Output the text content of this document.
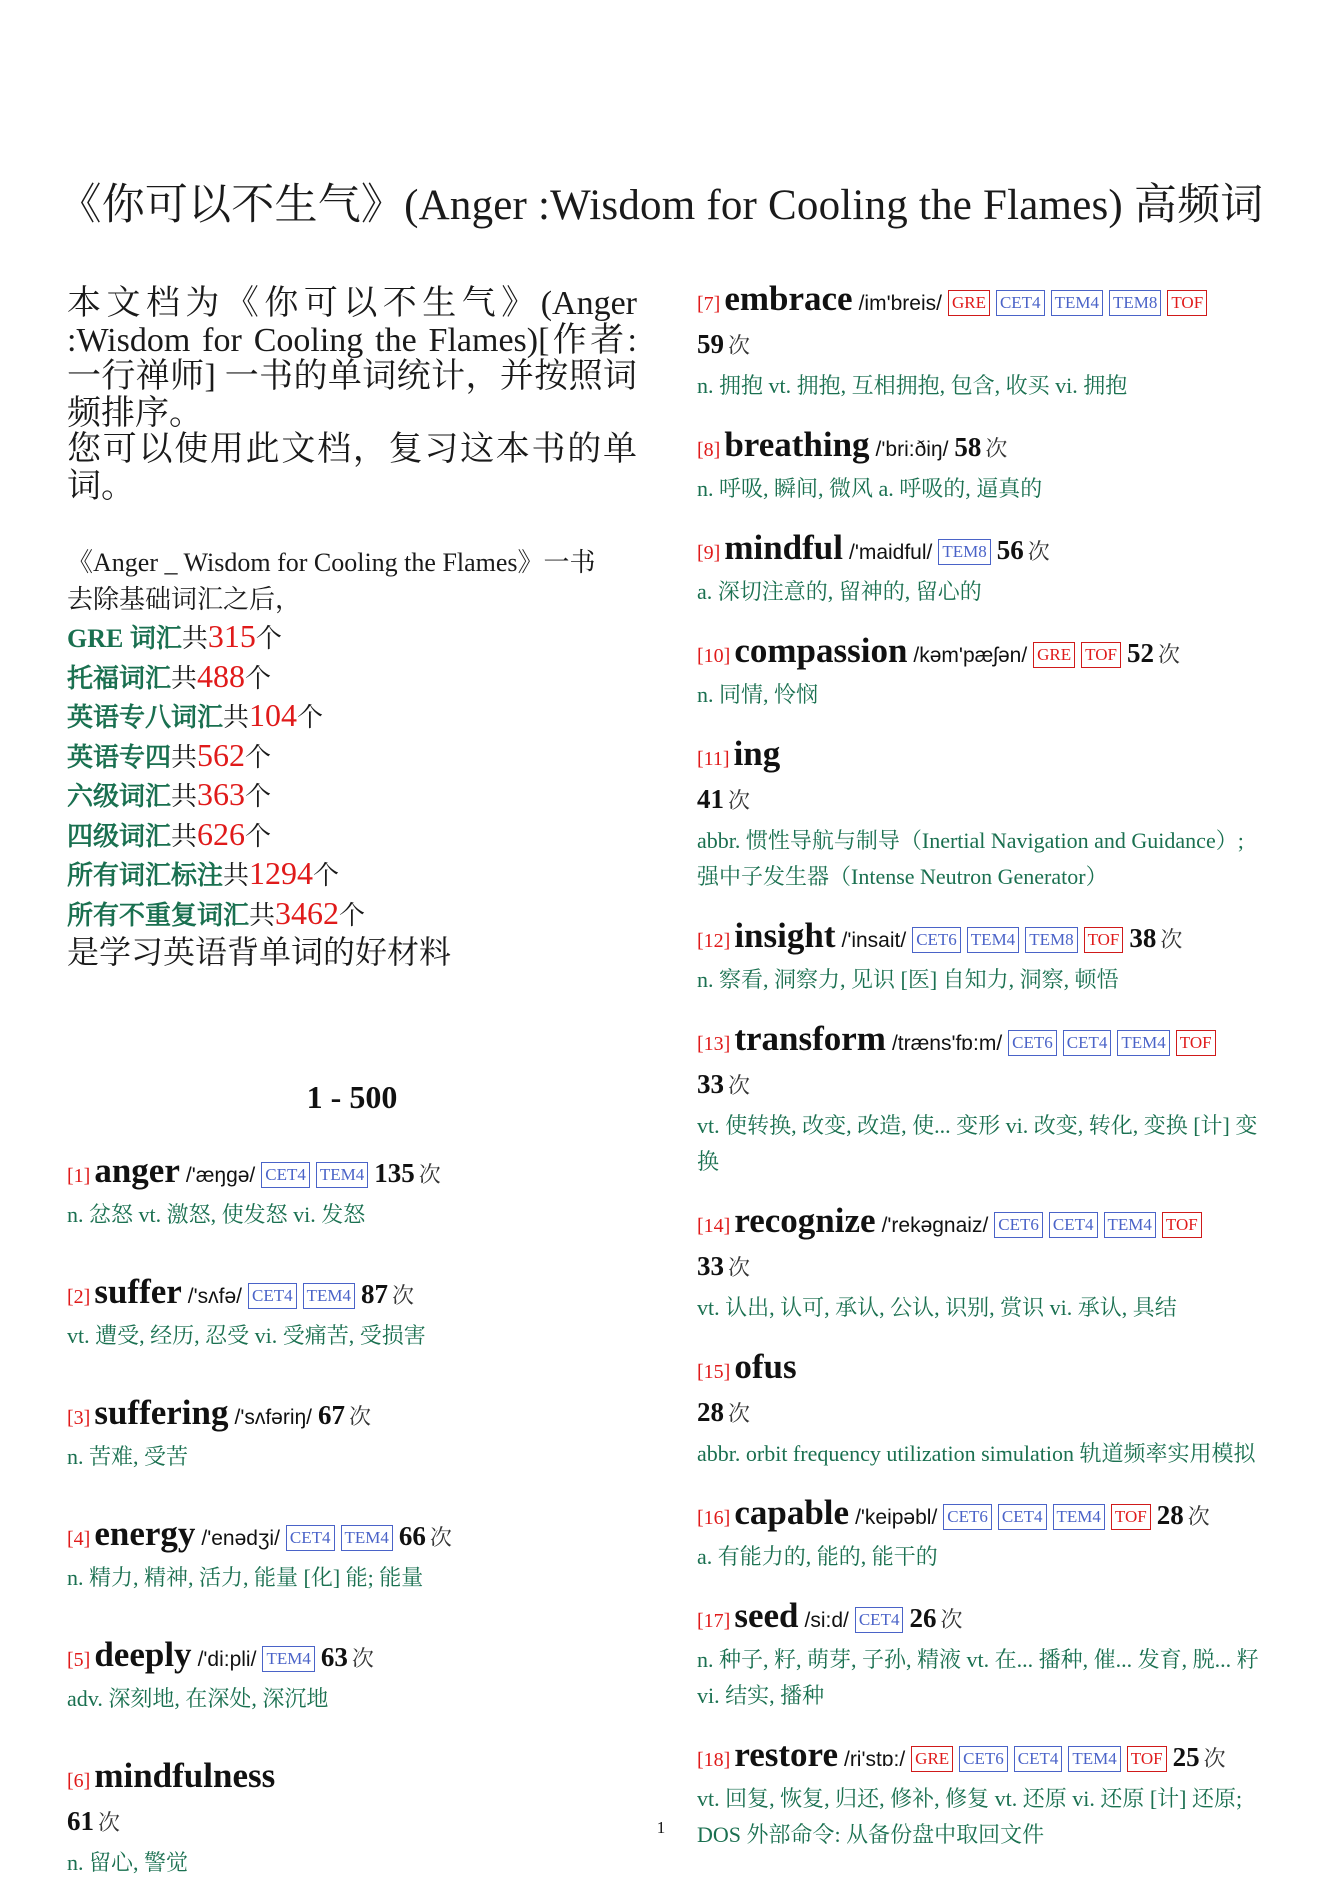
《你可以不生气》(Anger :Wisdom for Cooling the Flames) 高频词

本文档为《你可以不生气》(Anger :Wisdom for Cooling the Flames)[作者: 一行禅师] 一书的单词统计，并按照词频排序。

您可以使用此文档，复习这本书的单词。

《Anger _ Wisdom for Cooling the Flames》一书
去除基础词汇之后，
GRE 词汇共315个
托福词汇共488个
英语专八词汇共104个
英语专四共562个
六级词汇共363个
四级词汇共626个
所有词汇标注共1294个
所有不重复词汇共3462个
是学习英语背单词的好材料
1 - 500
[1] anger /'æŋgə/ CET4 TEM4 135 次
n. 忿怒 vt. 激怒, 使发怒 vi. 发怒
[2] suffer /'sʌfə/ CET4 TEM4 87 次
vt. 遭受, 经历, 忍受 vi. 受痛苦, 受损害
[3] suffering /'sʌfəriŋ/ 67 次
n. 苦难, 受苦
[4] energy /'enədʒi/ CET4 TEM4 66 次
n. 精力, 精神, 活力, 能量 [化] 能; 能量
[5] deeply /'di:pli/ TEM4 63 次
adv. 深刻地, 在深处, 深沉地
[6] mindfulness
61 次
n. 留心, 警觉
[7] embrace /im'breis/ GRE CET4 TEM4 TEM8 TOF
59 次
n. 拥抱 vt. 拥抱, 互相拥抱, 包含, 收买 vi. 拥抱
[8] breathing /'bri:ðiŋ/ 58 次
n. 呼吸, 瞬间, 微风 a. 呼吸的, 逼真的
[9] mindful /'maidful/ TEM8 56 次
a. 深切注意的, 留神的, 留心的
[10] compassion /kəm'pæʃən/ GRE TOF 52 次
n. 同情, 怜悯
[11] ing
41 次
abbr. 惯性导航与制导（Inertial Navigation and Guidance）; 强中子发生器（Intense Neutron Generator）
[12] insight /'insait/ CET6 TEM4 TEM8 TOF 38 次
n. 察看, 洞察力, 见识 [医] 自知力, 洞察, 顿悟
[13] transform /træns'fɒ:m/ CET6 CET4 TEM4 TOF
33 次
vt. 使转换, 改变, 改造, 使... 变形 vi. 改变, 转化, 变换 [计] 变换
[14] recognize /'rekəgnaiz/ CET6 CET4 TEM4 TOF
33 次
vt. 认出, 认可, 承认, 公认, 识别, 赏识 vi. 承认, 具结
[15] ofus
28 次
abbr. orbit frequency utilization simulation 轨道频率实用模拟
[16] capable /'keipəbl/ CET6 CET4 TEM4 TOF 28 次
a. 有能力的, 能的, 能干的
[17] seed /si:d/ CET4 26 次
n. 种子, 籽, 萌芽, 子孙, 精液 vt. 在... 播种, 催... 发育, 脱... 籽 vi. 结实, 播种
[18] restore /ri'stɒ:/ GRE CET6 CET4 TEM4 TOF 25 次
vt. 回复, 恢复, 归还, 修补, 修复 vt. 还原 vi. 还原 [计] 还原; DOS 外部命令: 从备份盘中取回文件
1
